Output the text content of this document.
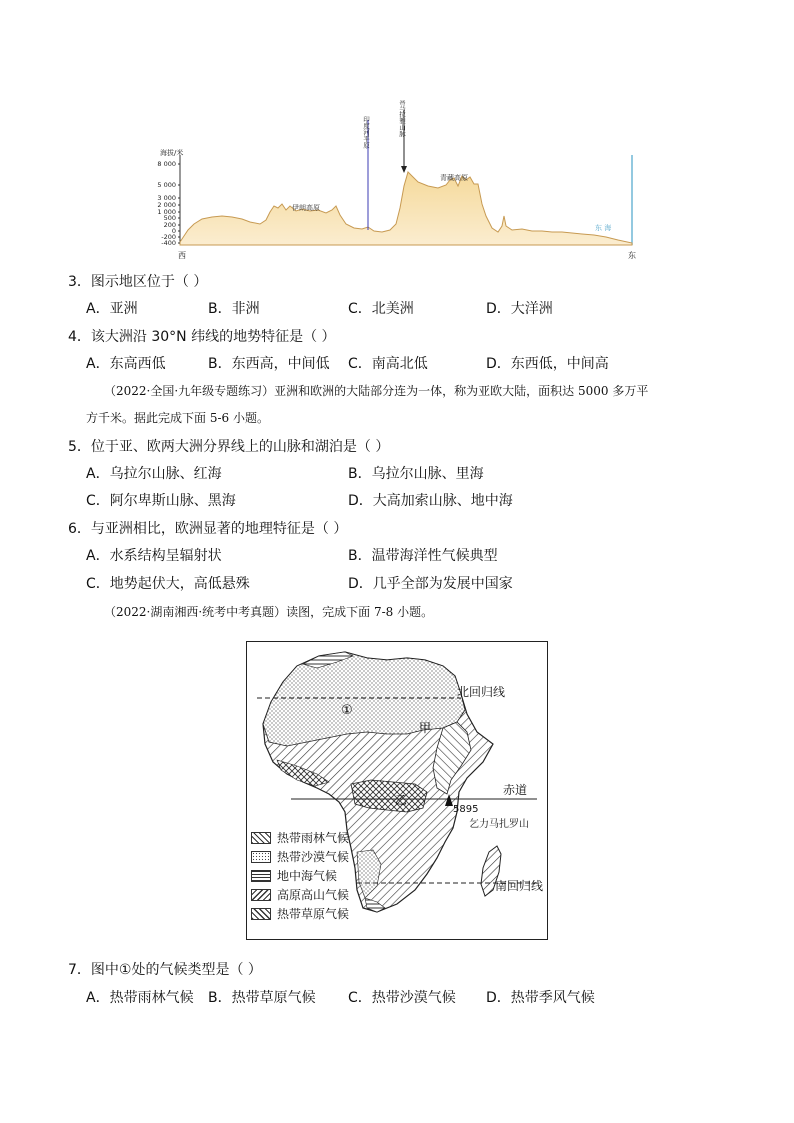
8 000
5 000
3 000
2 000
1 000
500
200
0
-200
-400
海拔/米
西	东
伊朗高原
青藏高原
东 海
印度河平原	喜马拉雅山脉
3．图示地区位于（ ）
A．亚洲	B．非洲	C．北美洲	D．大洋洲
4．该大洲沿 30°N 纬线的地势特征是（ ）
A．东高西低	B．东西高，中间低 C．南高北低	D．东西低，中间高
（2022·全国·九年级专题练习）亚洲和欧洲的大陆部分连为一体，称为亚欧大陆，面积达 5000 多万平
方千米。据此完成下面 5-6 小题。
5．位于亚、欧两大洲分界线上的山脉和湖泊是（ ）
A．乌拉尔山脉、红海	B．乌拉尔山脉、里海
C．阿尔卑斯山脉、黑海	D．大高加索山脉、地中海
6．与亚洲相比，欧洲显著的地理特征是（ ）
A．水系结构呈辐射状	B．温带海洋性气候典型
C．地势起伏大，高低悬殊	D．几乎全部为发展中国家
（2022·湖南湘西·统考中考真题）读图，完成下面 7-8 小题。
北回归线
赤道
南回归线
①
甲
乙
5895
乞力马扎罗山
热带雨林气候
热带沙漠气候
地中海气候
高原高山气候
热带草原气候
7．图中①处的气候类型是（ ）
A．热带雨林气候 B．热带草原气候 C．热带沙漠气候 D．热带季风气候
